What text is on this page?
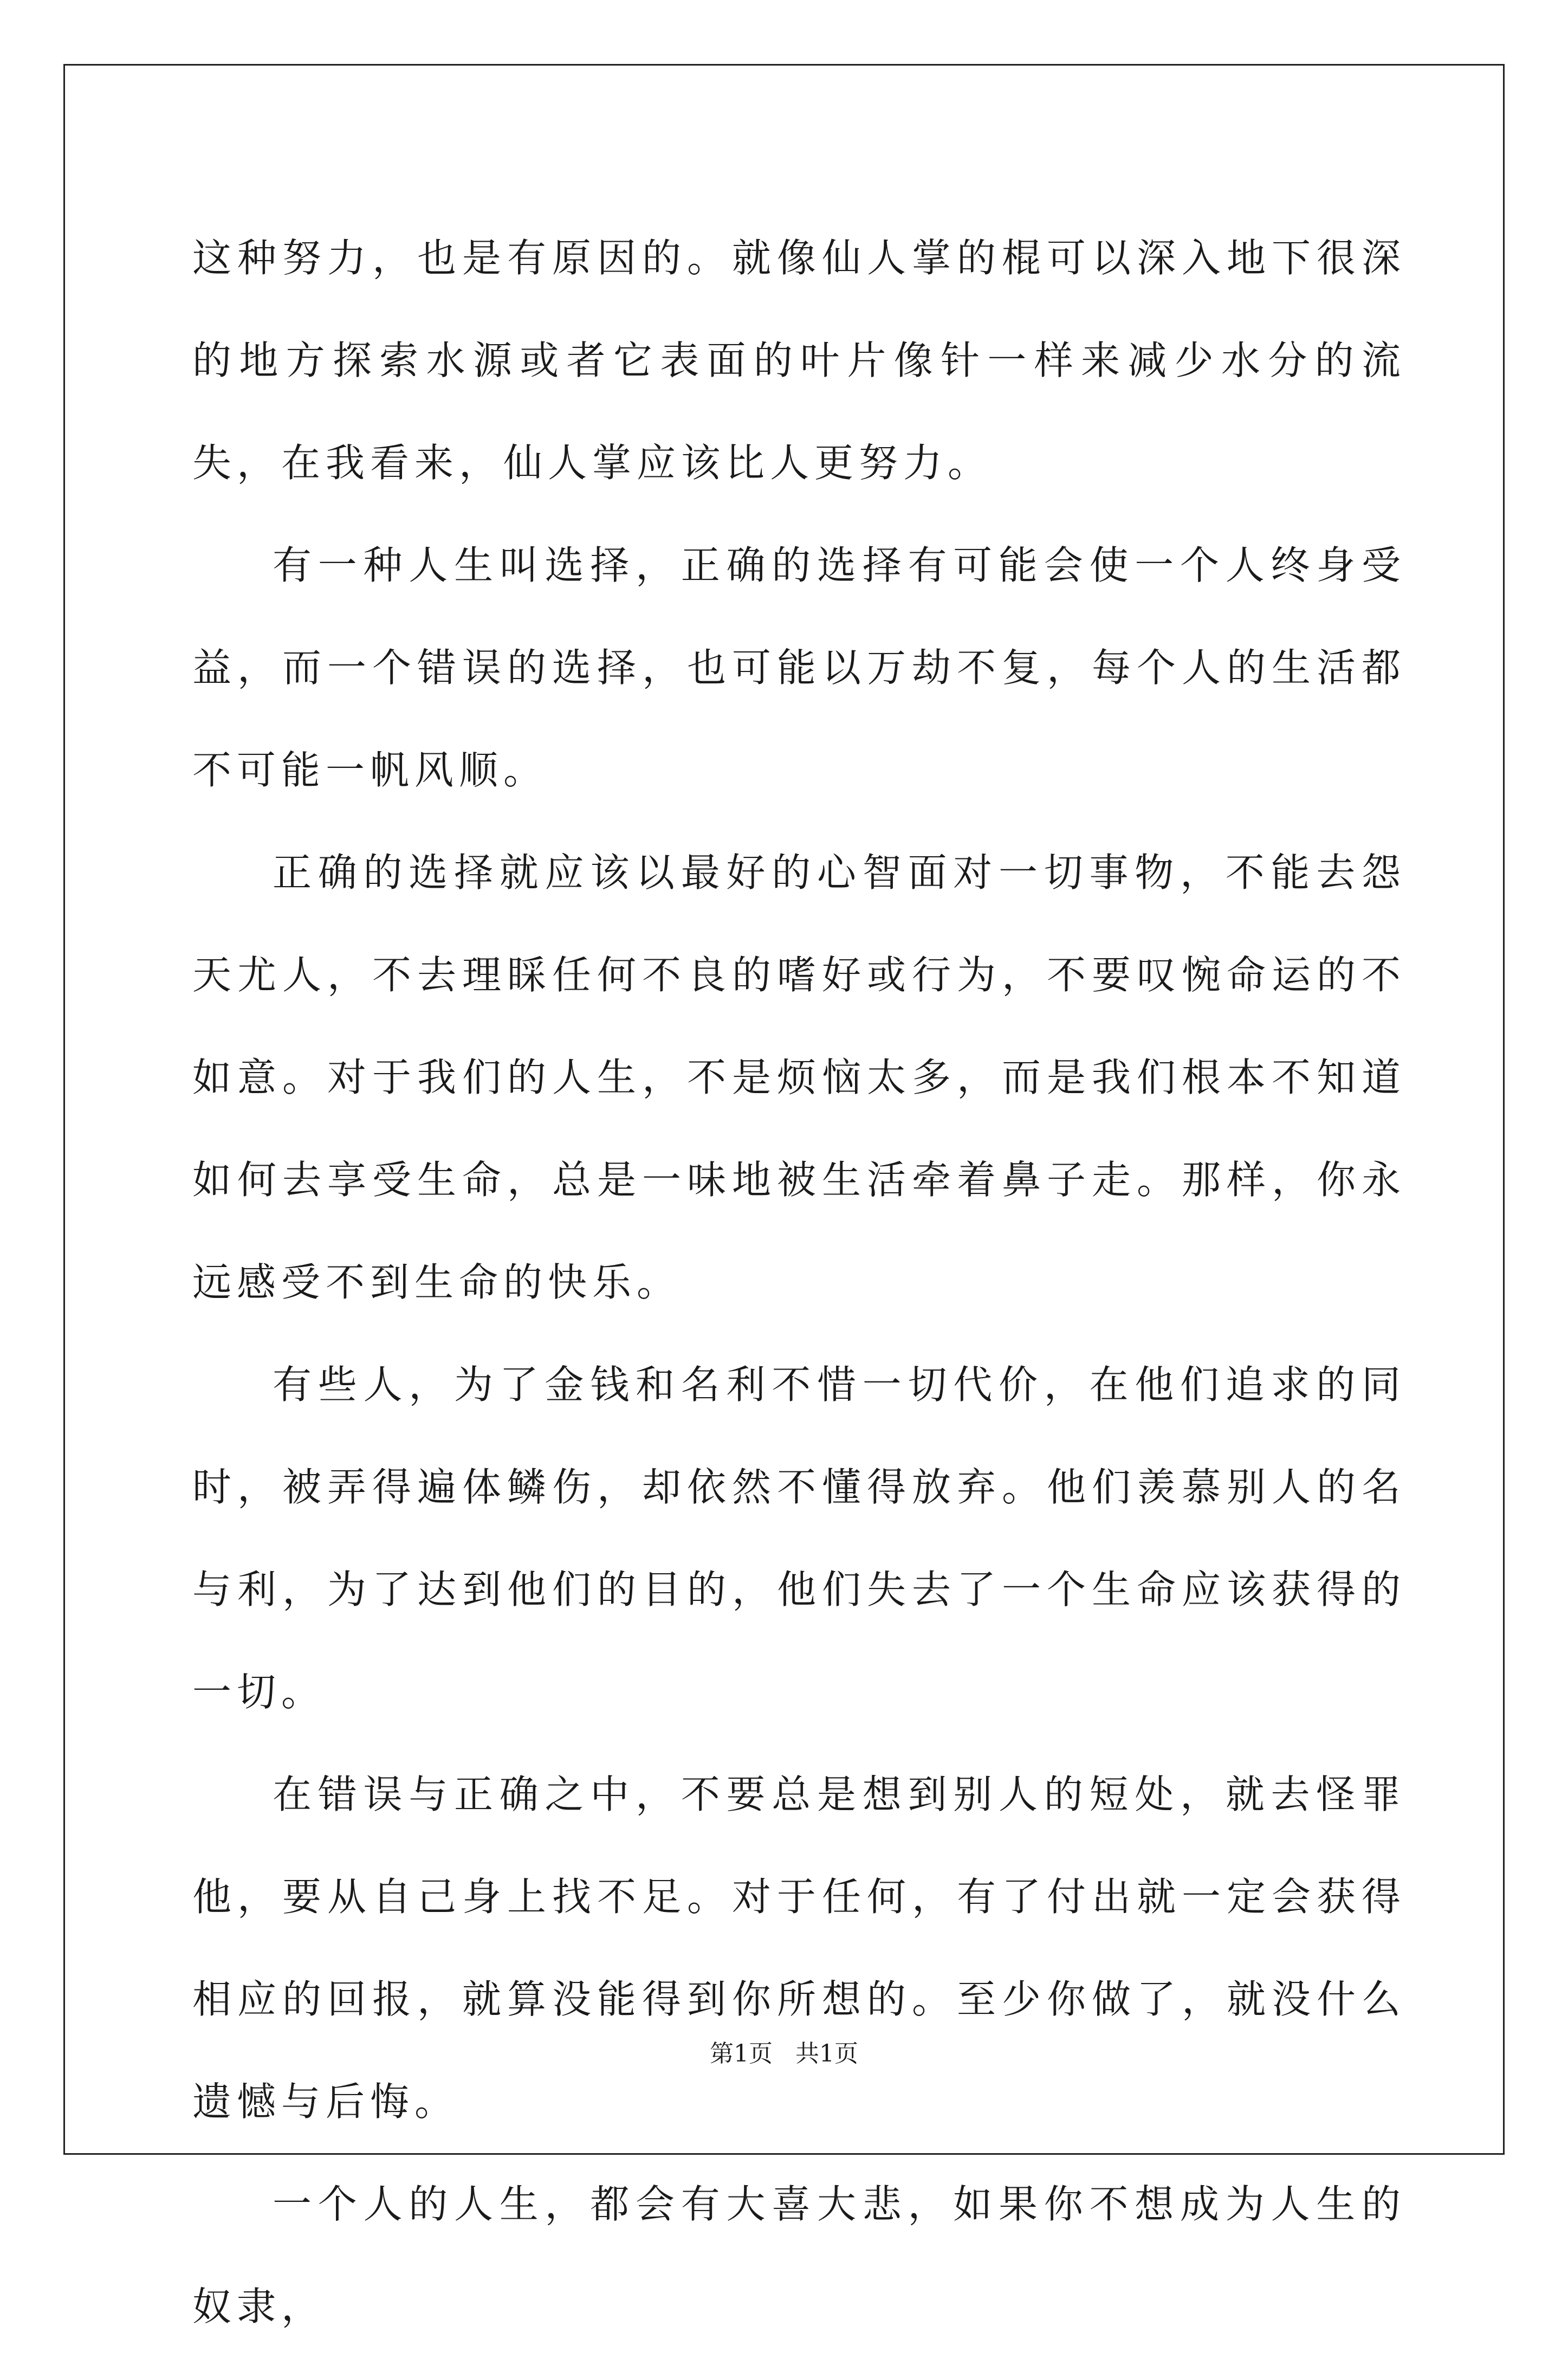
这种努力，也是有原因的。就像仙人掌的棍可以深入地下很深的地方探索水源或者它表面的叶片像针一样来减少水分的流失，在我看来，仙人掌应该比人更努力。

有一种人生叫选择，正确的选择有可能会使一个人终身受益，而一个错误的选择，也可能以万劫不复，每个人的生活都不可能一帆风顺。

正确的选择就应该以最好的心智面对一切事物，不能去怨天尤人，不去理睬任何不良的嗜好或行为，不要叹惋命运的不如意。对于我们的人生，不是烦恼太多，而是我们根本不知道如何去享受生命，总是一味地被生活牵着鼻子走。那样，你永远感受不到生命的快乐。

有些人，为了金钱和名利不惜一切代价，在他们追求的同时，被弄得遍体鳞伤，却依然不懂得放弃。他们羡慕别人的名与利，为了达到他们的目的，他们失去了一个生命应该获得的一切。

在错误与正确之中，不要总是想到别人的短处，就去怪罪他，要从自己身上找不足。对于任何，有了付出就一定会获得相应的回报，就算没能得到你所想的。至少你做了，就没什么遗憾与后悔。

一个人的人生，都会有大喜大悲，如果你不想成为人生的奴隶，

第1页 共1页
